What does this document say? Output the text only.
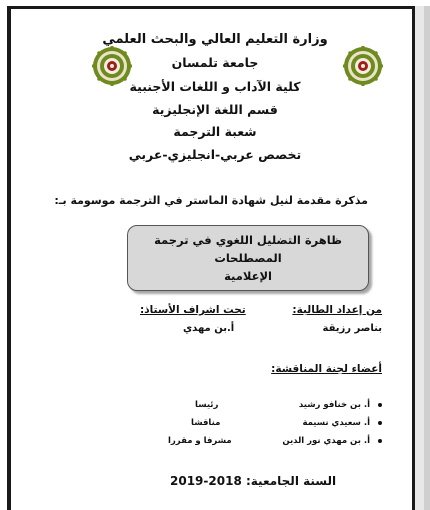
وزارة التعليم العالي والبحث العلمي
جامعة تلمسان
كلية الآداب و اللغات الأجنبية
قسم اللغة الإنجليزية
شعبة الترجمة
تخصص عربي-انجليزي-عربي
مذكرة مقدمة لنيل شهادة الماستر في الترجمة موسومة بـ:
ظاهرة التضليل اللغوي في ترجمة المصطلحات
الإعلامية
من إعداد الطالبة:
بناصر رزيقة
تحت اشراف الأستاذ:
أ.بن مهدي
أعضاء لجنة المناقشة:
أ. بن خنافو رشيد
أ. سعيدي نسيمة
أ. بن مهدي نور الدين
رئيسا
مناقشا
مشرفا و مقررا
السنة الجامعية: 2018-2019
